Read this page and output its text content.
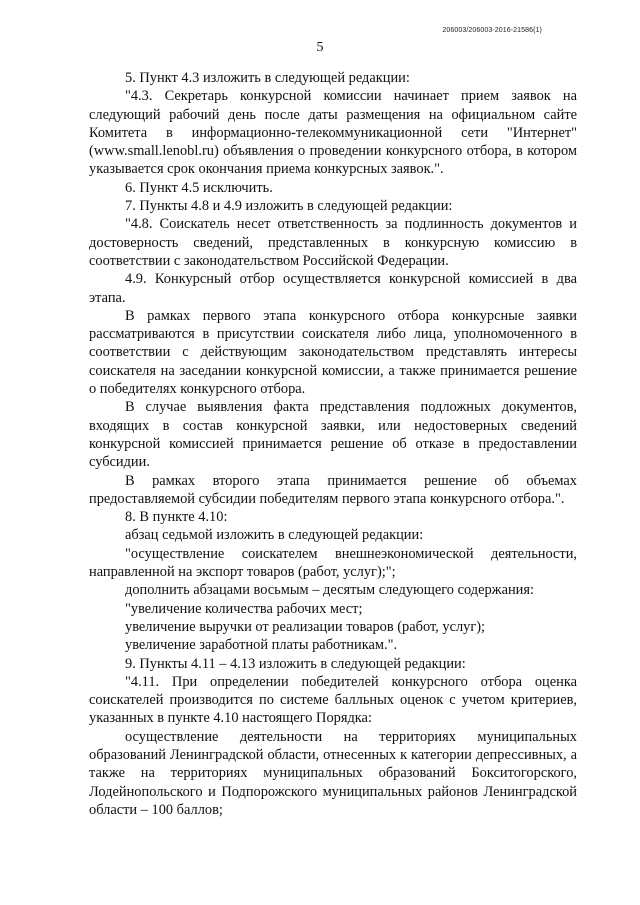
206003/206003-2016-21586(1)
5

5. Пункт 4.3 изложить в следующей редакции:

"4.3. Секретарь конкурсной комиссии начинает прием заявок на следующий рабочий день после даты размещения на официальном сайте Комитета в информационно-телекоммуникационной сети "Интернет" (www.small.lenobl.ru) объявления о проведении конкурсного отбора, в котором указывается срок окончания приема конкурсных заявок.".

6. Пункт 4.5 исключить.

7. Пункты 4.8 и 4.9 изложить в следующей редакции:

"4.8. Соискатель несет ответственность за подлинность документов и достоверность сведений, представленных в конкурсную комиссию в соответствии с законодательством Российской Федерации.

4.9. Конкурсный отбор осуществляется конкурсной комиссией в два этапа.

В рамках первого этапа конкурсного отбора конкурсные заявки рассматриваются в присутствии соискателя либо лица, уполномоченного в соответствии с действующим законодательством представлять интересы соискателя на заседании конкурсной комиссии, а также принимается решение о победителях конкурсного отбора.

В случае выявления факта представления подложных документов, входящих в состав конкурсной заявки, или недостоверных сведений конкурсной комиссией принимается решение об отказе в предоставлении субсидии.

В рамках второго этапа принимается решение об объемах предоставляемой субсидии победителям первого этапа конкурсного отбора.".

8. В пункте 4.10:

абзац седьмой изложить в следующей редакции:

"осуществление соискателем внешнеэкономической деятельности, направленной на экспорт товаров (работ, услуг);";

дополнить абзацами восьмым – десятым следующего содержания:

"увеличение количества рабочих мест;

увеличение выручки от реализации товаров (работ, услуг);

увеличение заработной платы работникам.".

9. Пункты 4.11 – 4.13 изложить в следующей редакции:

"4.11. При определении победителей конкурсного отбора оценка соискателей производится по системе балльных оценок с учетом критериев, указанных в пункте 4.10 настоящего Порядка:

осуществление деятельности на территориях муниципальных образований Ленинградской области, отнесенных к категории депрессивных, а также на территориях муниципальных образований Бокситогорского, Лодейнопольского и Подпорожского муниципальных районов Ленинградской области – 100 баллов;
